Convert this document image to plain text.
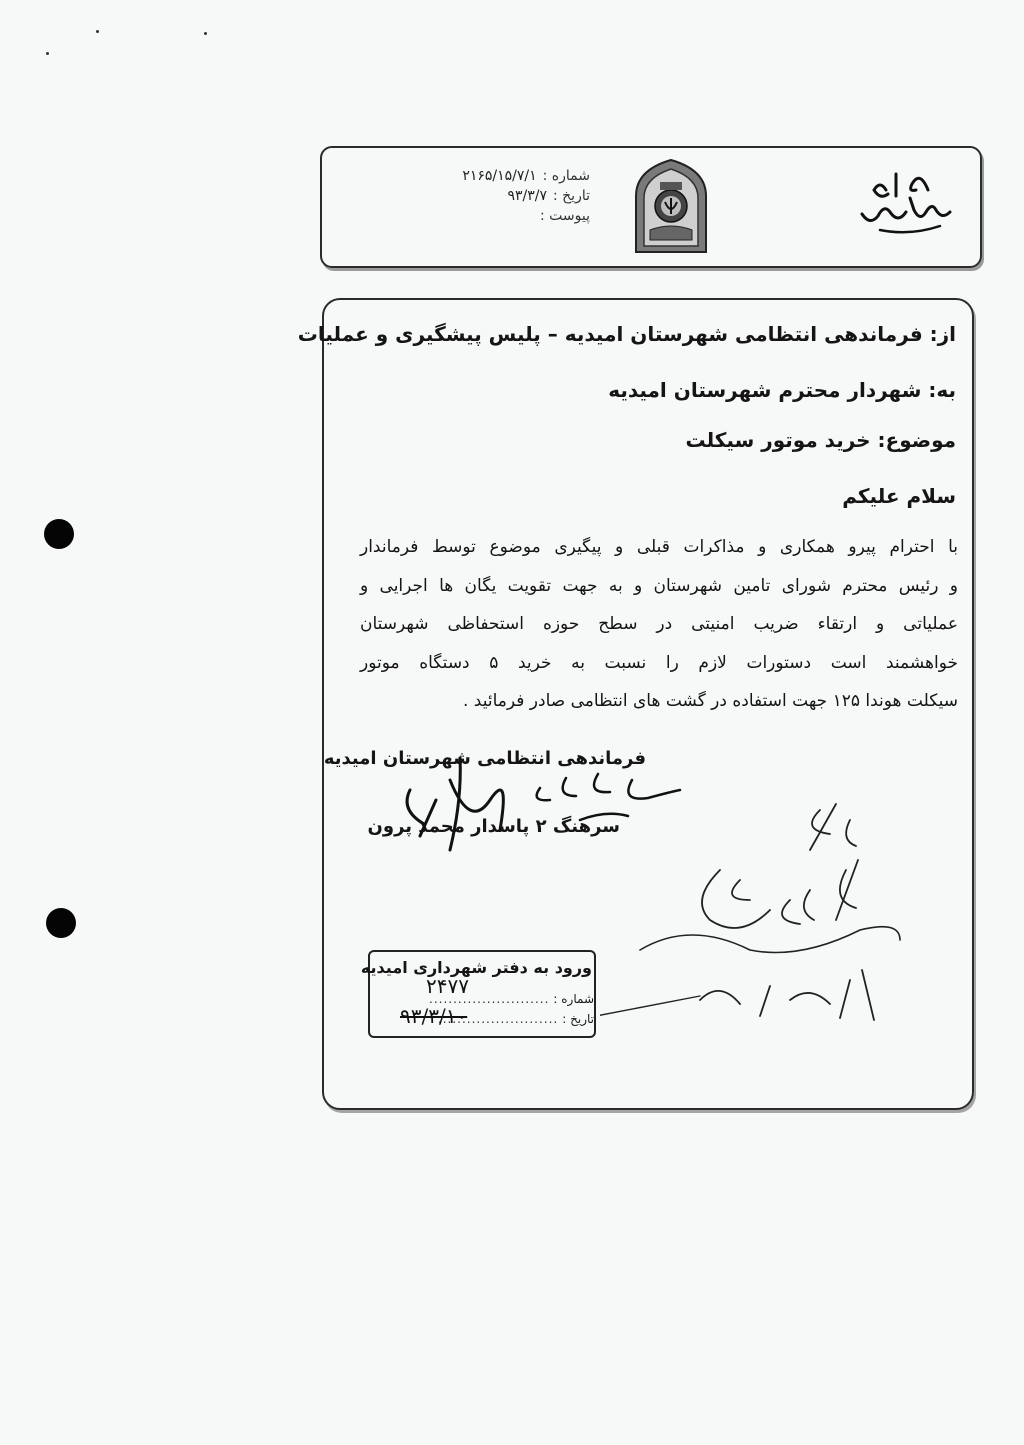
شماره :
۲۱۶۵/۱۵/۷/۱
تاریخ :
۹۳/۳/۷
پیوست :
از: فرماندهی انتظامی شهرستان امیدیه – پلیس پیشگیری و عملیات
به: شهردار محترم شهرستان امیدیه
موضوع: خرید موتور سیکلت
سلام علیکم
با احترام پیرو همکاری و مذاکرات قبلی و پیگیری موضوع توسط فرماندار
و رئیس محترم شورای تامین شهرستان و به جهت تقویت یگان ها اجرایی و
عملیاتی و ارتقاء ضریب امنیتی در سطح حوزه استحفاظی شهرستان
خواهشمند است دستورات لازم را نسبت به خرید ۵ دستگاه موتور
سیکلت هوندا ۱۲۵ جهت استفاده در گشت های انتظامی صادر فرمائید .
فرماندهی انتظامی شهرستان امیدیه
سرهنگ ۲ پاسدار محمد پرون
ورود به دفتر شهرداری امیدیه
شماره :
.........................
تاریخ :
.........................
۲۴۷۷
۹۳/۳/۱۰
